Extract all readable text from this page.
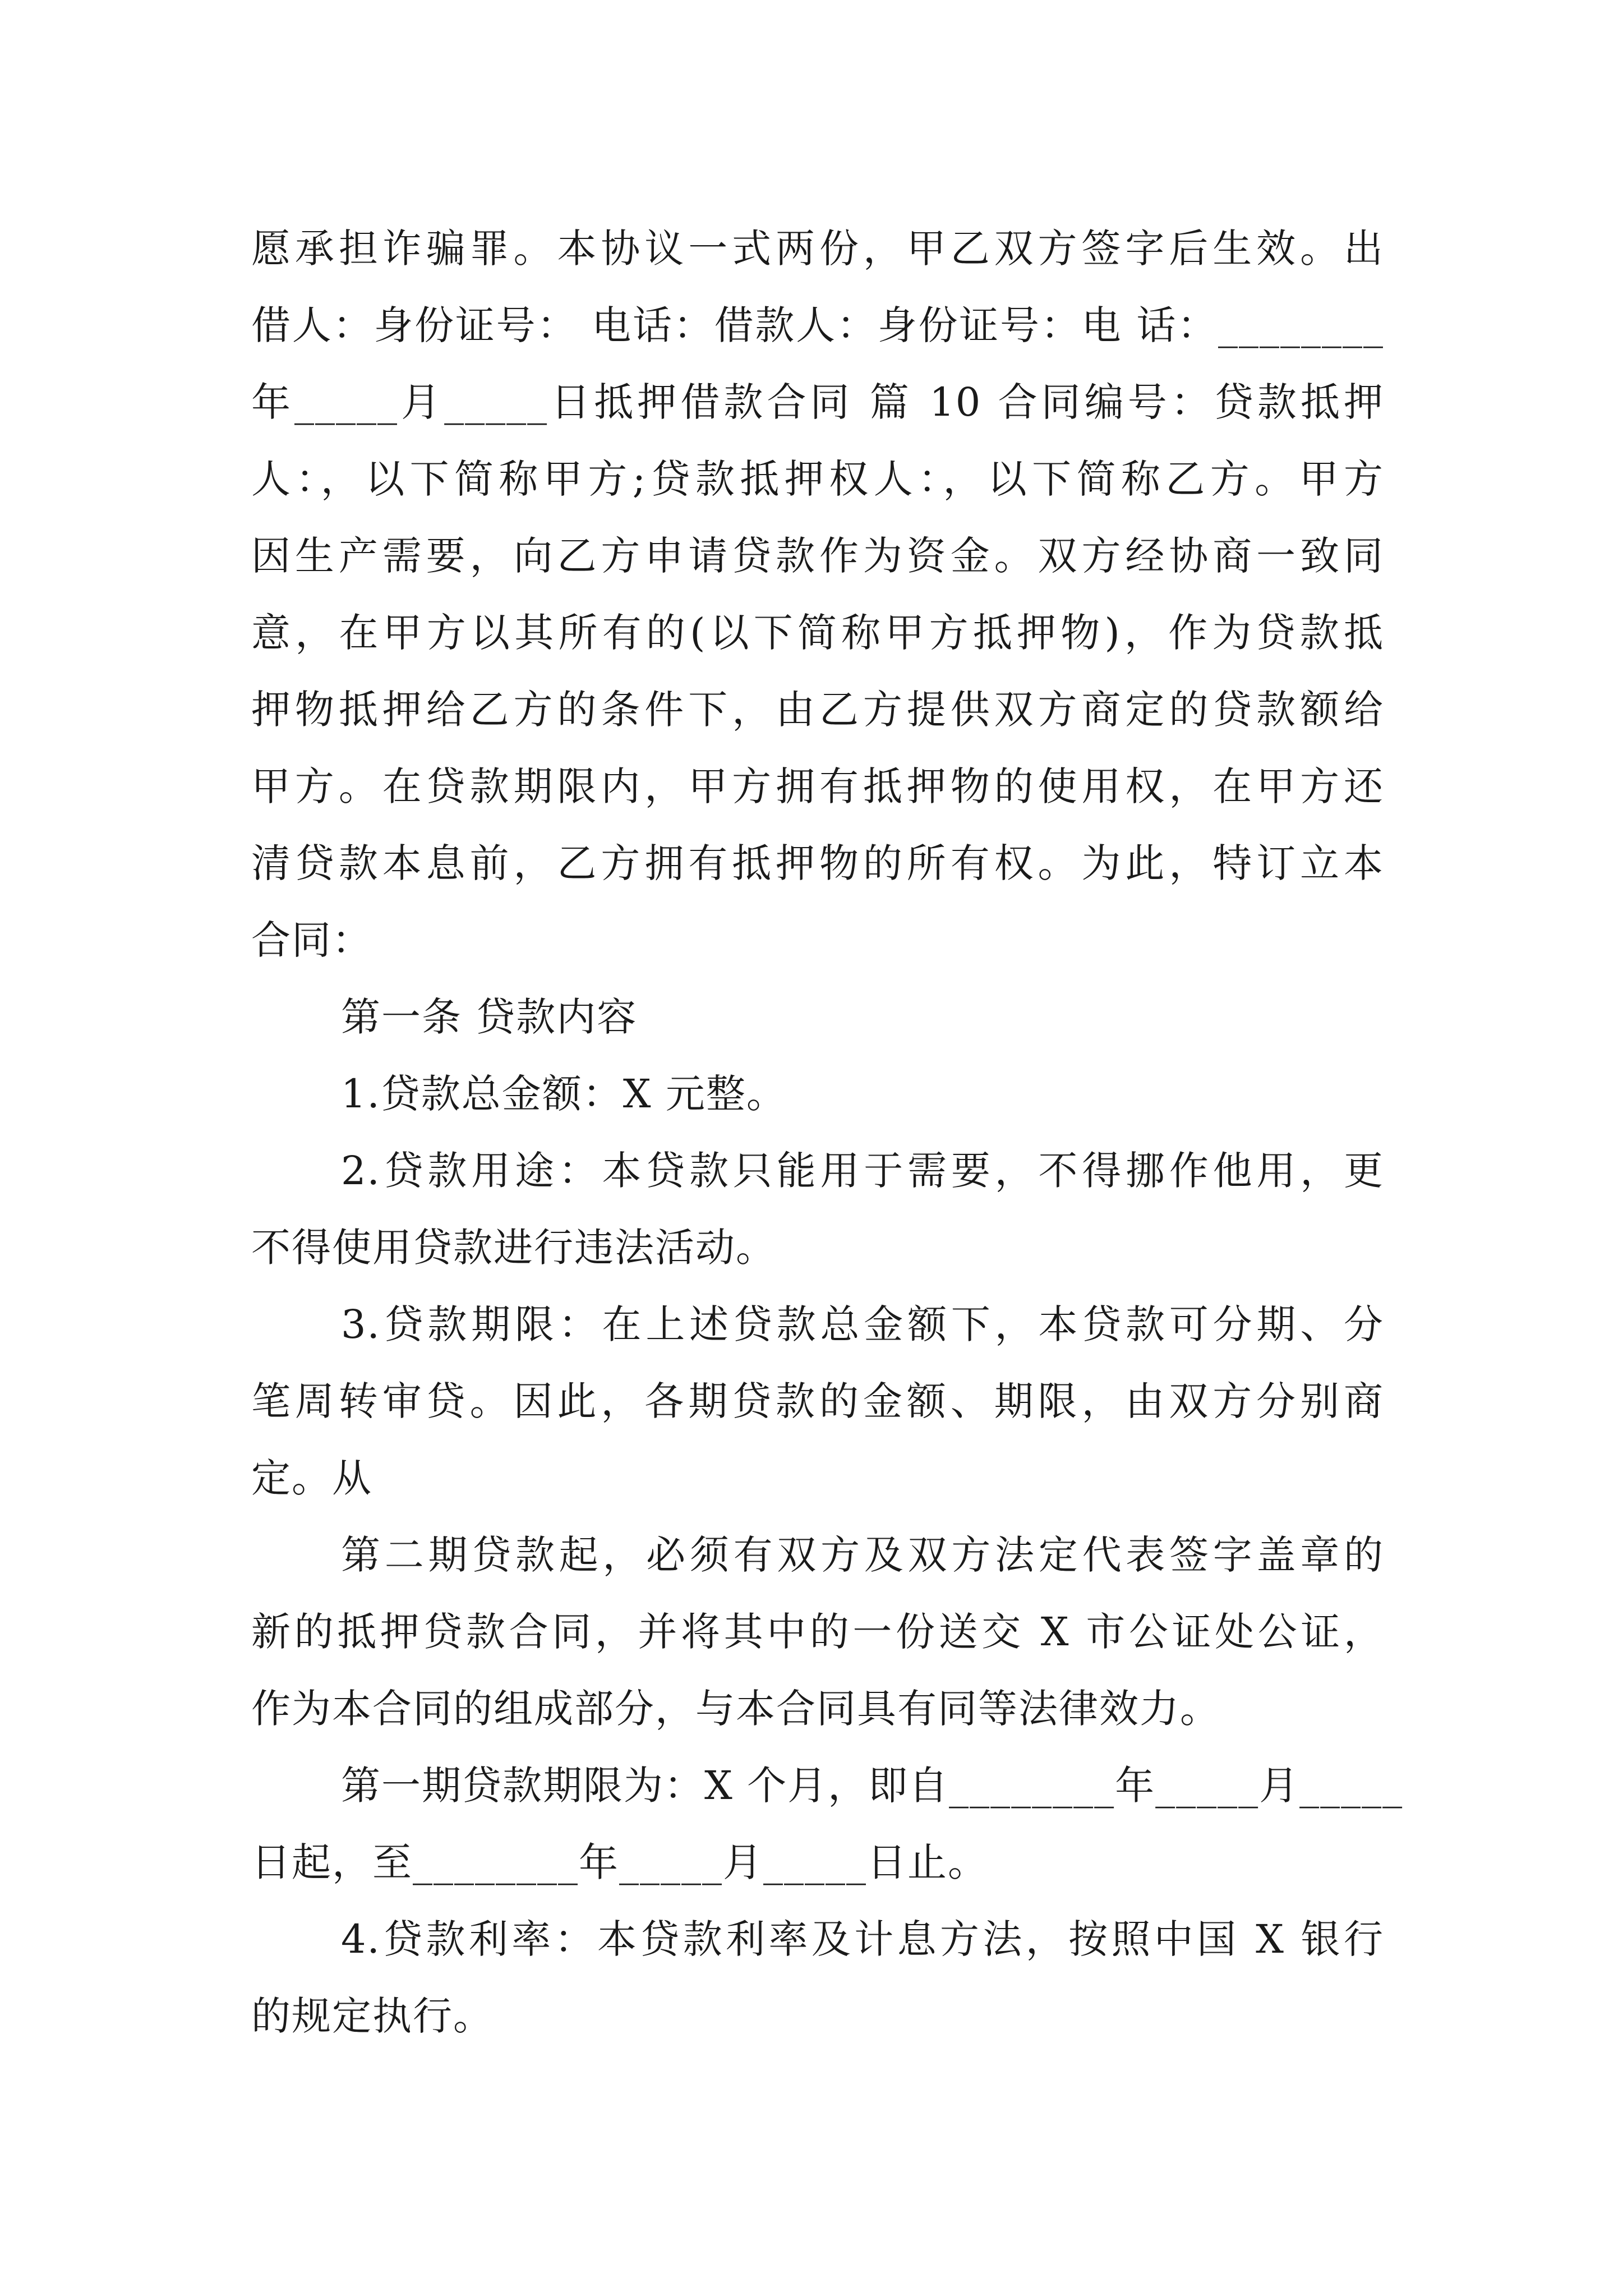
愿承担诈骗罪。本协议一式两份，甲乙双方签字后生效。出
借人：身份证号： 电话：借款人：身份证号：电 话：________
年_____月_____日抵押借款合同 篇 10 合同编号：贷款抵押
人：，以下简称甲方;贷款抵押权人：，以下简称乙方。甲方
因生产需要，向乙方申请贷款作为资金。双方经协商一致同
意，在甲方以其所有的(以下简称甲方抵押物)，作为贷款抵
押物抵押给乙方的条件下，由乙方提供双方商定的贷款额给
甲方。在贷款期限内，甲方拥有抵押物的使用权，在甲方还
清贷款本息前，乙方拥有抵押物的所有权。为此，特订立本
合同：
第一条 贷款内容
1.贷款总金额：X 元整。
2.贷款用途：本贷款只能用于需要，不得挪作他用，更
不得使用贷款进行违法活动。
3.贷款期限：在上述贷款总金额下，本贷款可分期、分
笔周转审贷。因此，各期贷款的金额、期限，由双方分别商
定。从
第二期贷款起，必须有双方及双方法定代表签字盖章的
新的抵押贷款合同，并将其中的一份送交 X 市公证处公证，
作为本合同的组成部分，与本合同具有同等法律效力。
第一期贷款期限为：X 个月，即自________年_____月_____
日起，至________年_____月_____日止。
4.贷款利率：本贷款利率及计息方法，按照中国 X 银行
的规定执行。
